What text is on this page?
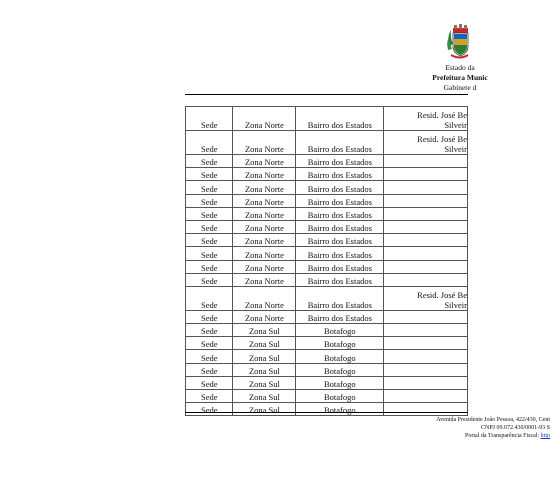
Estado da
Prefeitura Munic
Gabinete d
Sede	Zona Norte	Bairro dos Estados	Resid. José Be
Silveir

Sede	Zona Norte	Bairro dos Estados	Resid. José Be
Silveir

Sede	Zona Norte	Bairro dos Estados	
Sede	Zona Norte	Bairro dos Estados	
Sede	Zona Norte	Bairro dos Estados	
Sede	Zona Norte	Bairro dos Estados	
Sede	Zona Norte	Bairro dos Estados	
Sede	Zona Norte	Bairro dos Estados	
Sede	Zona Norte	Bairro dos Estados	
Sede	Zona Norte	Bairro dos Estados	
Sede	Zona Norte	Bairro dos Estados	
Sede	Zona Norte	Bairro dos Estados	
Sede	Zona Norte	Bairro dos Estados	Resid. José Be
Silveir

Sede	Zona Norte	Bairro dos Estados	
Sede	Zona Sul	Botafogo	
Sede	Zona Sul	Botafogo	
Sede	Zona Sul	Botafogo	
Sede	Zona Sul	Botafogo	
Sede	Zona Sul	Botafogo	
Sede	Zona Sul	Botafogo	
Sede	Zona Sul	Botafogo	
Avenida Presidente João Pessoa, 422/430, Cent
CNPJ 09.072.430/0001-93 S
Portal da Transparência Fiscal: http
